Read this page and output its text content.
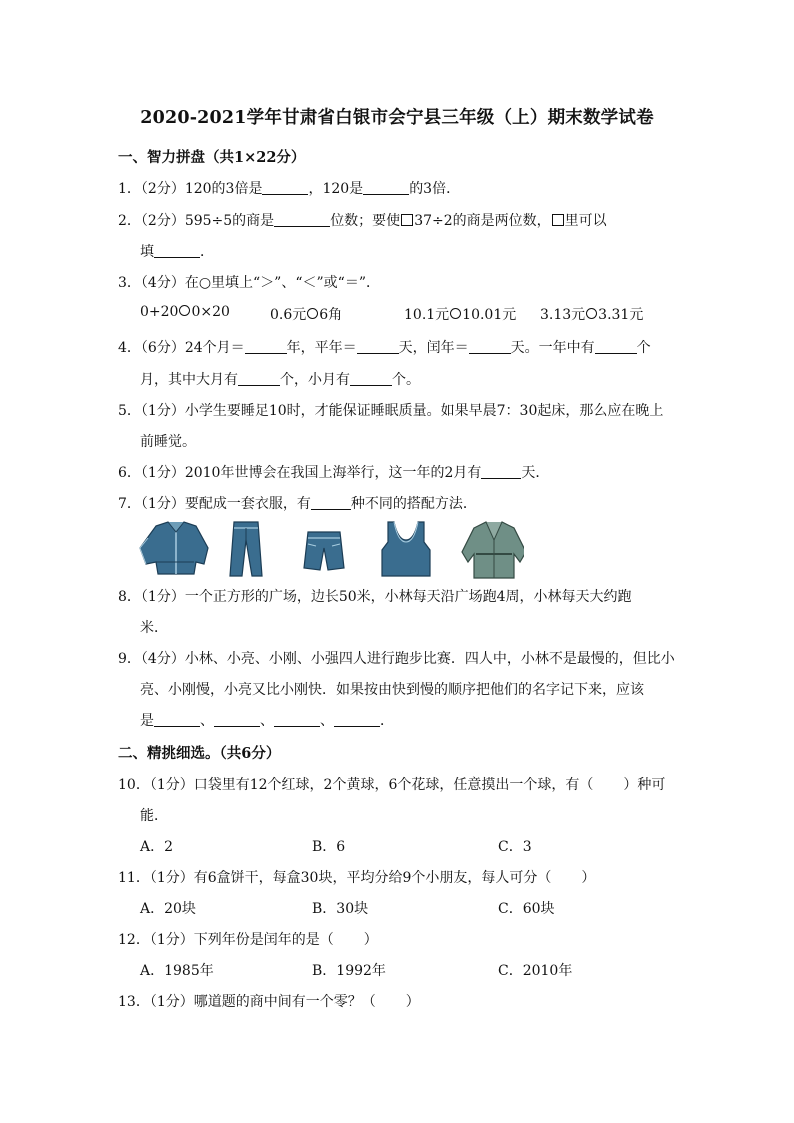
2020-2021学年甘肃省白银市会宁县三年级（上）期末数学试卷
一、智力拼盘（共1×22分）
1．（2分）120的3倍是	，120是	的3倍．
2．（2分）595÷5的商是	位数；要使 37÷2的商是两位数， 里可以
填	．
3．（4分）在○里填上“＞”、“＜”或“＝”．
0+20 0×20	0.6元 6角	10.1元 10.01元 3.13元 3.31元
4．（6分）24个月＝	年，平年＝	天，闰年＝	天。一年中有	个
月，其中大月有	个，小月有	个。
5．（1分）小学生要睡足10时，才能保证睡眠质量。如果早晨7：30起床，那么应在晚上
前睡觉。
6．（1分）2010年世博会在我国上海举行，这一年的2月有	天．
7．（1分）要配成一套衣服，有	种不同的搭配方法．
8．（1分）一个正方形的广场，边长50米，小林每天沿广场跑4周，小林每天大约跑
米．
9．（4分）小林、小亮、小刚、小强四人进行跑步比赛．四人中，小林不是最慢的，但比小
亮、小刚慢，小亮又比小刚快．如果按由快到慢的顺序把他们的名字记下来，应该
是	、	、	、	．
二、精挑细选。（共6分）
10．（1分）口袋里有12个红球，2个黄球，6个花球，任意摸出一个球，有（ ）种可
能．
A．2	B．6	C．3
11．（1分）有6盒饼干，每盒30块，平均分给9个小朋友，每人可分（ ）
A．20块	B．30块	C．60块
12．（1分）下列年份是闰年的是（ ）
A．1985年	B．1992年	C．2010年
13．（1分）哪道题的商中间有一个零？（ ）
